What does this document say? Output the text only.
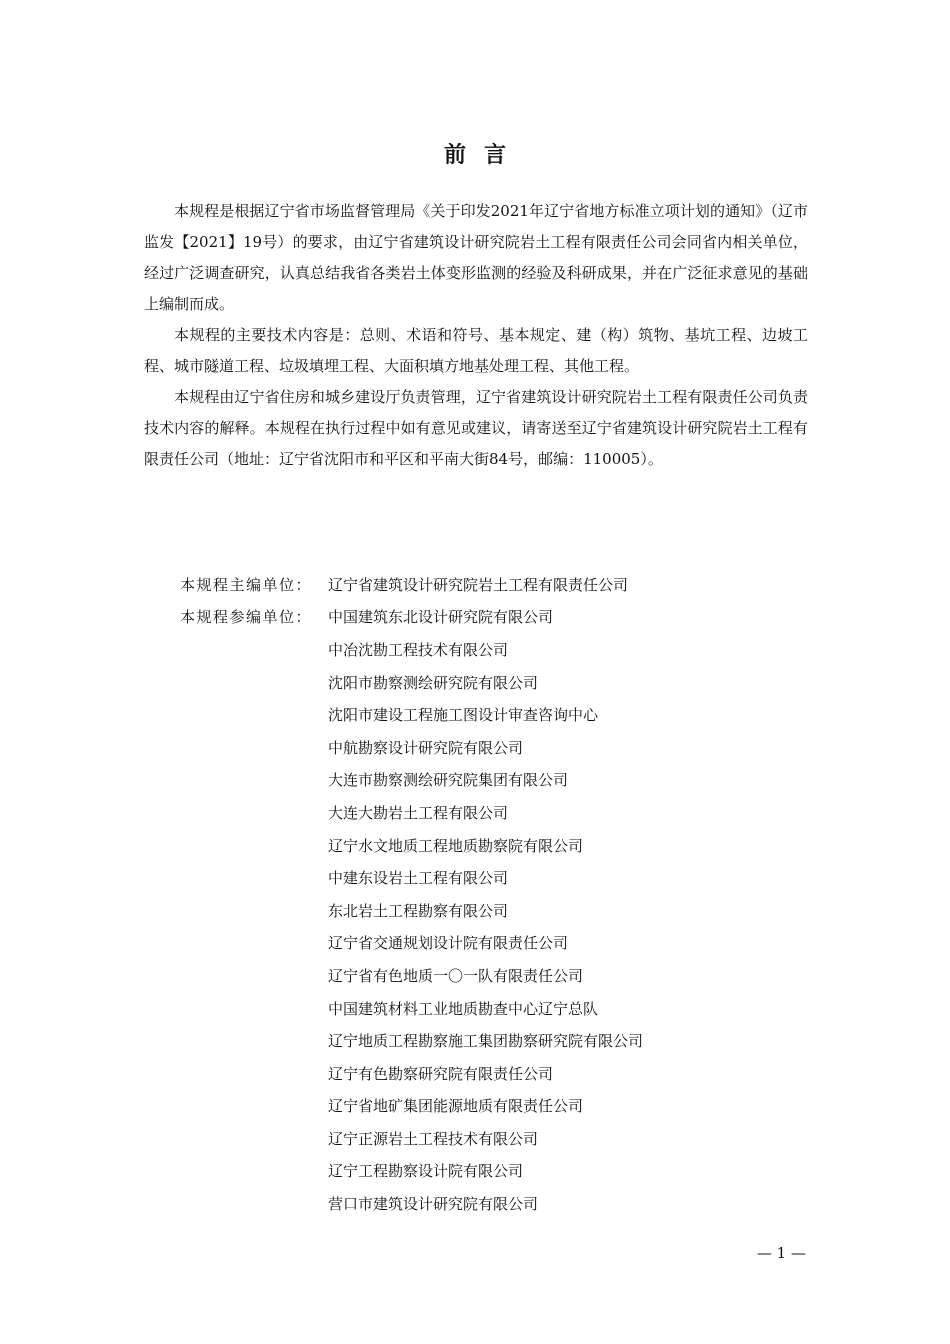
前言

本规程是根据辽宁省市场监督管理局《关于印发2021年辽宁省地方标准立项计划的通知》（辽市监发【2021】19号）的要求，由辽宁省建筑设计研究院岩土工程有限责任公司会同省内相关单位，经过广泛调查研究，认真总结我省各类岩土体变形监测的经验及科研成果，并在广泛征求意见的基础上编制而成。

本规程的主要技术内容是：总则、术语和符号、基本规定、建（构）筑物、基坑工程、边坡工程、城市隧道工程、垃圾填埋工程、大面积填方地基处理工程、其他工程。

本规程由辽宁省住房和城乡建设厅负责管理，辽宁省建筑设计研究院岩土工程有限责任公司负责技术内容的解释。本规程在执行过程中如有意见或建议，请寄送至辽宁省建筑设计研究院岩土工程有限责任公司（地址：辽宁省沈阳市和平区和平南大街84号，邮编：110005）。

本规程主编单位：	辽宁省建筑设计研究院岩土工程有限责任公司
本规程参编单位：	中国建筑东北设计研究院有限公司
中冶沈勘工程技术有限公司
沈阳市勘察测绘研究院有限公司
沈阳市建设工程施工图设计审查咨询中心
中航勘察设计研究院有限公司
大连市勘察测绘研究院集团有限公司
大连大勘岩土工程有限公司
辽宁水文地质工程地质勘察院有限公司
中建东设岩土工程有限公司
东北岩土工程勘察有限公司
辽宁省交通规划设计院有限责任公司
辽宁省有色地质一〇一队有限责任公司
中国建筑材料工业地质勘查中心辽宁总队
辽宁地质工程勘察施工集团勘察研究院有限公司
辽宁有色勘察研究院有限责任公司
辽宁省地矿集团能源地质有限责任公司
辽宁正源岩土工程技术有限公司
辽宁工程勘察设计院有限公司
营口市建筑设计研究院有限公司
— 1 —
